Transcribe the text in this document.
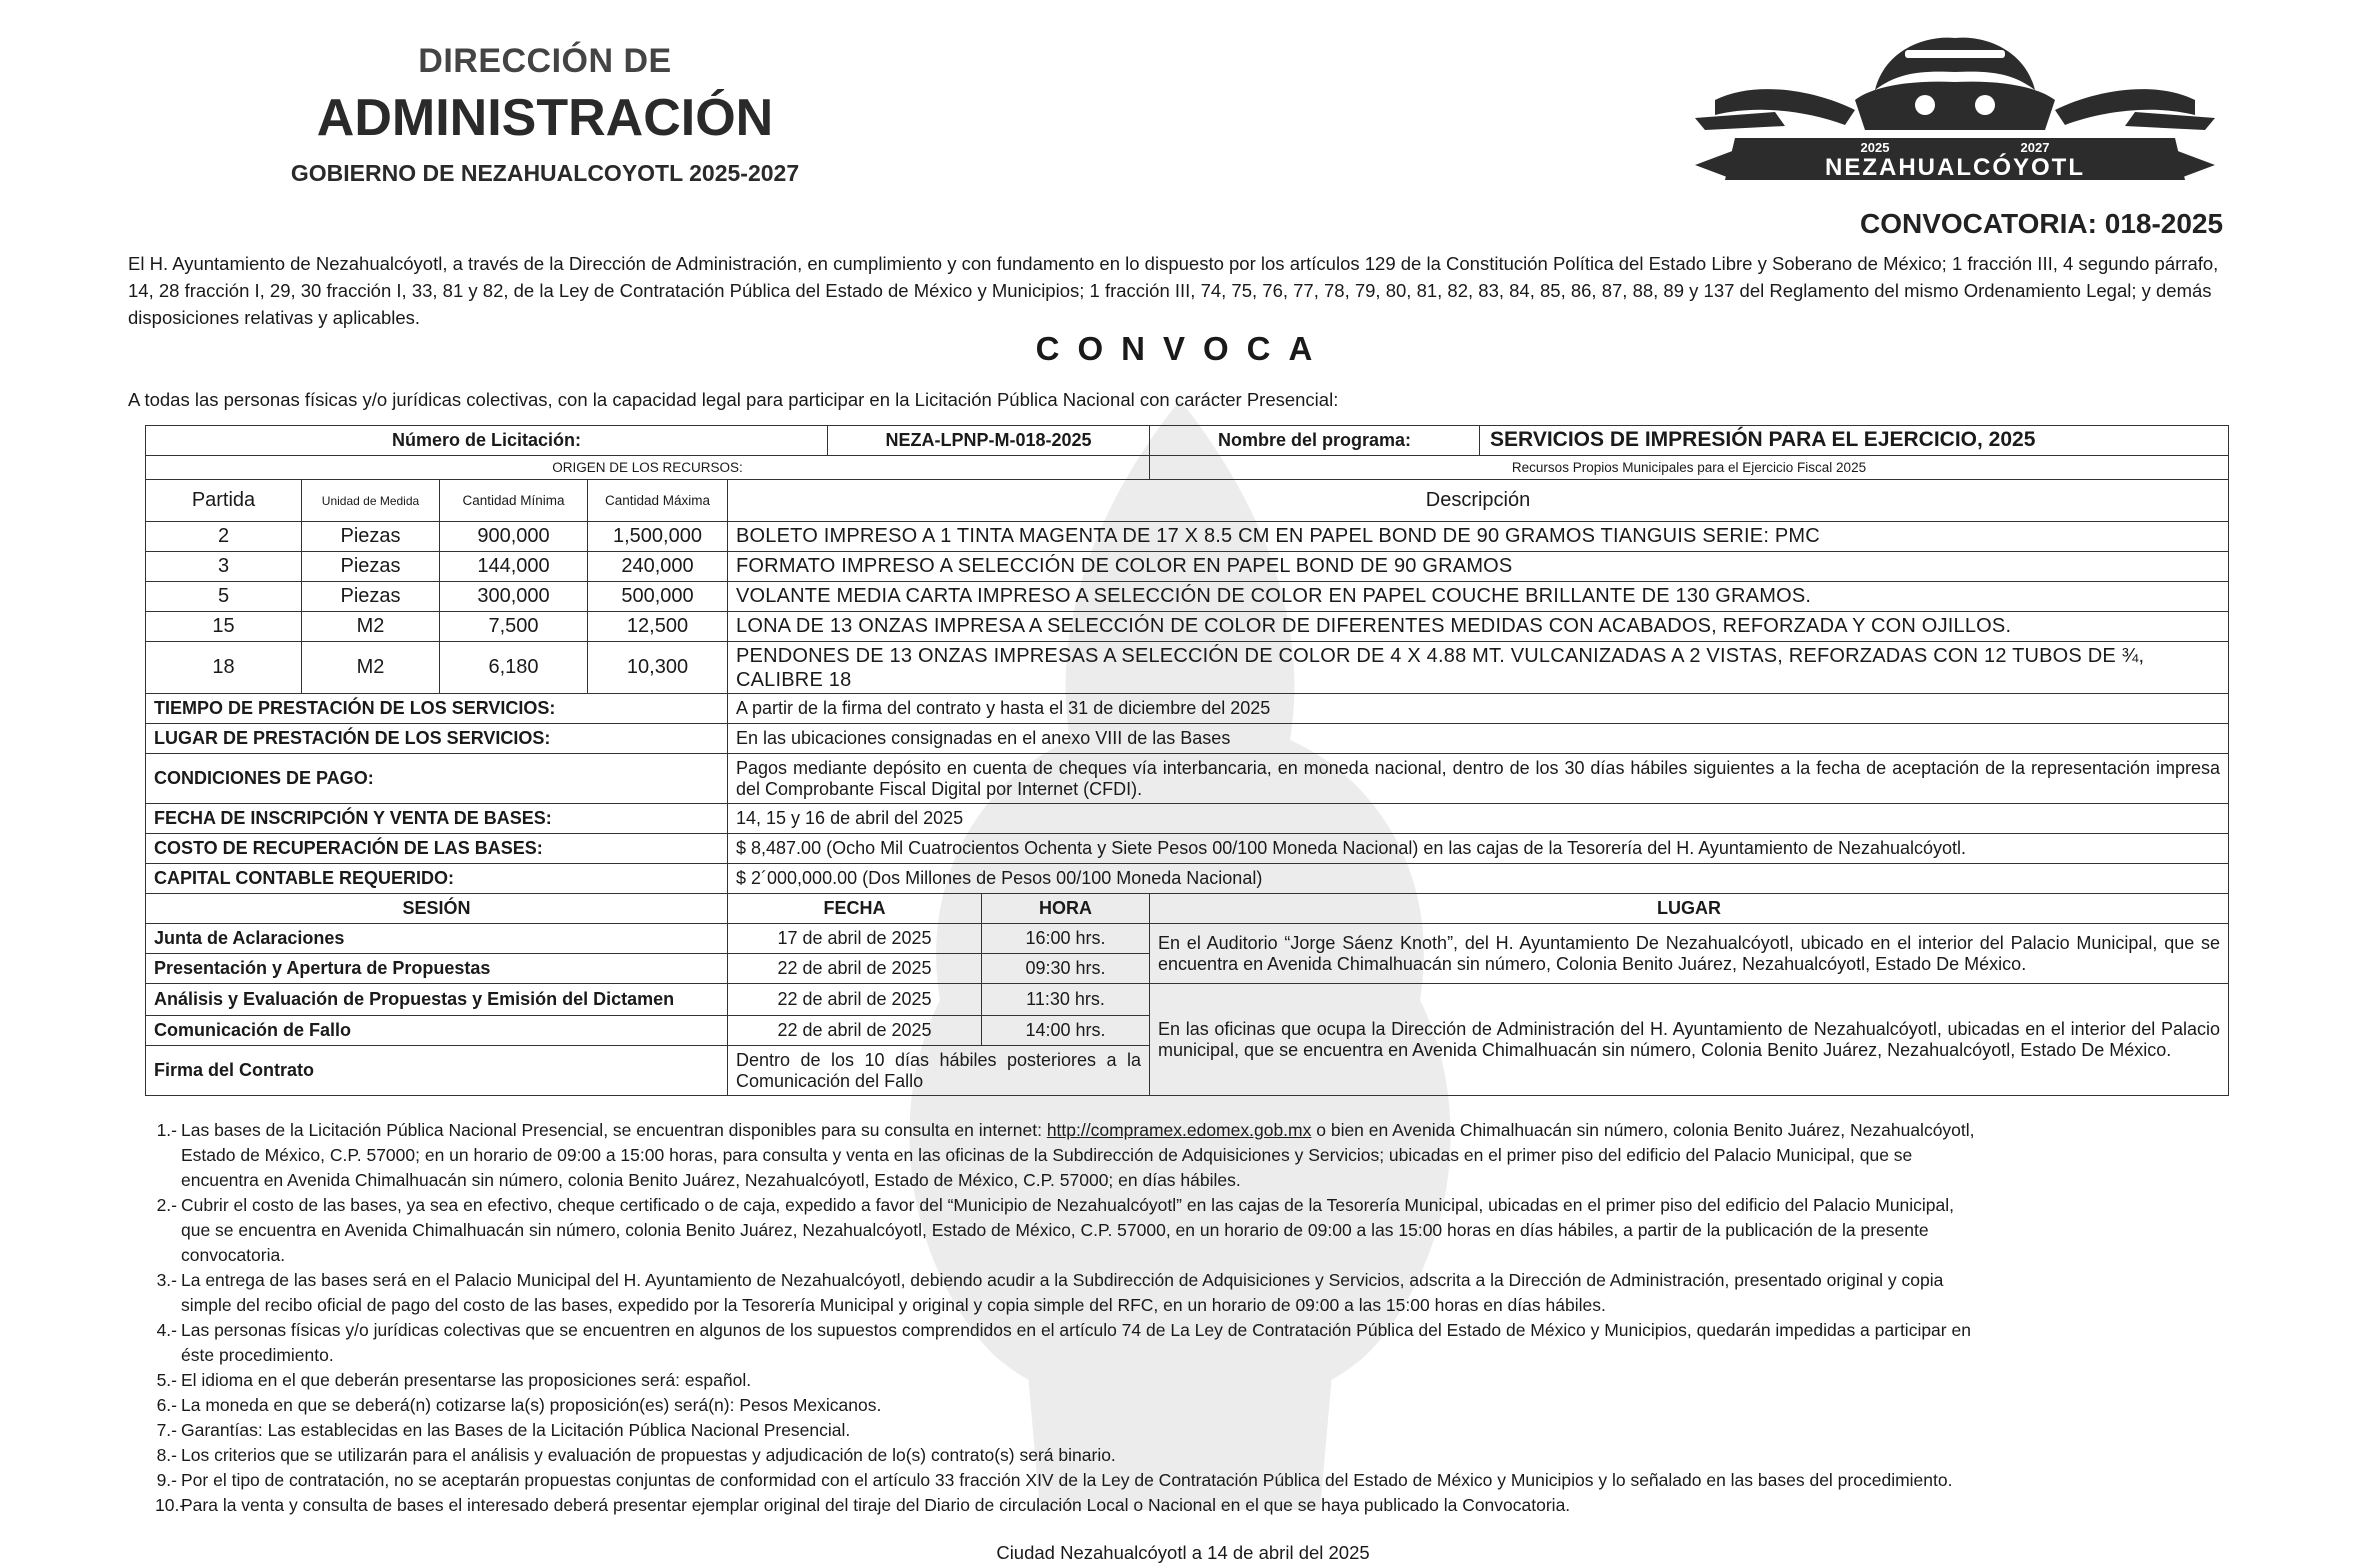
DIRECCIÓN DE
ADMINISTRACIÓN
GOBIERNO DE NEZAHUALCOYOTL 2025-2027
2025	2027
NEZAHUALCÓYOTL
CONVOCATORIA: 018-2025
El H. Ayuntamiento de Nezahualcóyotl, a través de la Dirección de Administración, en cumplimiento y con fundamento en lo dispuesto por los artículos 129 de la Constitución Política del Estado Libre y Soberano de México; 1 fracción III, 4 segundo párrafo, 14, 28 fracción I, 29, 30 fracción I, 33, 81 y 82, de la Ley de Contratación Pública del Estado de México y Municipios; 1 fracción III, 74, 75, 76, 77, 78, 79, 80, 81, 82, 83, 84, 85, 86, 87, 88, 89 y 137 del Reglamento del mismo Ordenamiento Legal; y demás disposiciones relativas y aplicables.
CONVOCA
A todas las personas físicas y/o jurídicas colectivas, con la capacidad legal para participar en la Licitación Pública Nacional con carácter Presencial:
Número de Licitación:					NEZA-LPNP-M-018-2025		Nombre del programa: SERVICIOS DE IMPRESIÓN PARA EL EJERCICIO, 2025

ORIGEN DE LOS RECURSOS:							Recursos Propios Municipales para el Ejercicio Fiscal 2025
Partida	Unidad de Medida	Cantidad Mínima	Cantidad Máxima	Descripción			
2	Piezas	900,000	1,500,000	BOLETO IMPRESO A 1 TINTA MAGENTA DE 17 X 8.5 CM EN PAPEL BOND DE 90 GRAMOS TIANGUIS SERIE: PMC			
3	Piezas	144,000	240,000	FORMATO IMPRESO A SELECCIÓN DE COLOR EN PAPEL BOND DE 90 GRAMOS			
5	Piezas	300,000	500,000	VOLANTE MEDIA CARTA IMPRESO A SELECCIÓN DE COLOR EN PAPEL COUCHE BRILLANTE DE 130 GRAMOS.			
15	M2	7,500	12,500	LONA DE 13 ONZAS IMPRESA A SELECCIÓN DE COLOR DE DIFERENTES MEDIDAS CON ACABADOS, REFORZADA Y CON OJILLOS.			
18	M2	6,180	10,300	PENDONES DE 13 ONZAS IMPRESAS A SELECCIÓN DE COLOR DE 4 X 4.88 MT. VULCANIZADAS A 2 VISTAS, REFORZADAS CON 12 TUBOS DE ¾, CALIBRE 18			
TIEMPO DE PRESTACIÓN DE LOS SERVICIOS:				A partir de la firma del contrato y hasta el 31 de diciembre del 2025			
LUGAR DE PRESTACIÓN DE LOS SERVICIOS:				En las ubicaciones consignadas en el anexo VIII de las Bases			
CONDICIONES DE PAGO:				Pagos mediante depósito en cuenta de cheques vía interbancaria, en moneda nacional, dentro de los 30 días hábiles siguientes a la fecha de aceptación de la representación impresa del Comprobante Fiscal Digital por Internet (CFDI).			
FECHA DE INSCRIPCIÓN Y VENTA DE BASES:				14, 15 y 16 de abril del 2025			
COSTO DE RECUPERACIÓN DE LAS BASES:				$ 8,487.00 (Ocho Mil Cuatrocientos Ochenta y Siete Pesos 00/100 Moneda Nacional) en las cajas de la Tesorería del H. Ayuntamiento de Nezahualcóyotl.			
CAPITAL CONTABLE REQUERIDO:				$ 2´000,000.00 (Dos Millones de Pesos 00/100 Moneda Nacional)			
SESIÓN				FECHA		HORA	LUGAR
Junta de Aclaraciones				17 de abril de 2025		16:00 hrs.	En el Auditorio “Jorge Sáenz Knoth”, del H. Ayuntamiento De Nezahualcóyotl, ubicado en el interior del Palacio Municipal, que se encuentra en Avenida Chimalhuacán sin número, Colonia Benito Juárez, Nezahualcóyotl, Estado De México.
Presentación y Apertura de Propuestas				22 de abril de 2025		09:30 hrs.	
Análisis y Evaluación de Propuestas y Emisión del Dictamen				22 de abril de 2025		11:30 hrs.	En las oficinas que ocupa la Dirección de Administración del H. Ayuntamiento de Nezahualcóyotl, ubicadas en el interior del Palacio municipal, que se encuentra en Avenida Chimalhuacán sin número, Colonia Benito Juárez, Nezahualcóyotl, Estado De México.
Comunicación de Fallo				22 de abril de 2025		14:00 hrs.	
Firma del Contrato				Dentro de los 10 días hábiles posteriores a la Comunicación del Fallo			
1.- Las bases de la Licitación Pública Nacional Presencial, se encuentran disponibles para su consulta en internet: http://compramex.edomex.gob.mx o bien en Avenida Chimalhuacán sin número, colonia Benito Juárez, Nezahualcóyotl, Estado de México, C.P. 57000; en un horario de 09:00 a 15:00 horas, para consulta y venta en las oficinas de la Subdirección de Adquisiciones y Servicios; ubicadas en el primer piso del edificio del Palacio Municipal, que se encuentra en Avenida Chimalhuacán sin número, colonia Benito Juárez, Nezahualcóyotl, Estado de México, C.P. 57000; en días hábiles.
2.- Cubrir el costo de las bases, ya sea en efectivo, cheque certificado o de caja, expedido a favor del “Municipio de Nezahualcóyotl” en las cajas de la Tesorería Municipal, ubicadas en el primer piso del edificio del Palacio Municipal, que se encuentra en Avenida Chimalhuacán sin número, colonia Benito Juárez, Nezahualcóyotl, Estado de México, C.P. 57000, en un horario de 09:00 a las 15:00 horas en días hábiles, a partir de la publicación de la presente convocatoria.
3.- La entrega de las bases será en el Palacio Municipal del H. Ayuntamiento de Nezahualcóyotl, debiendo acudir a la Subdirección de Adquisiciones y Servicios, adscrita a la Dirección de Administración, presentado original y copia simple del recibo oficial de pago del costo de las bases, expedido por la Tesorería Municipal y original y copia simple del RFC, en un horario de 09:00 a las 15:00 horas en días hábiles.
4.- Las personas físicas y/o jurídicas colectivas que se encuentren en algunos de los supuestos comprendidos en el artículo 74 de La Ley de Contratación Pública del Estado de México y Municipios, quedarán impedidas a participar en éste procedimiento.
5.- El idioma en el que deberán presentarse las proposiciones será: español.
6.- La moneda en que se deberá(n) cotizarse la(s) proposición(es) será(n): Pesos Mexicanos.
7.- Garantías: Las establecidas en las Bases de la Licitación Pública Nacional Presencial.
8.- Los criterios que se utilizarán para el análisis y evaluación de propuestas y adjudicación de lo(s) contrato(s) será binario.
9.- Por el tipo de contratación, no se aceptarán propuestas conjuntas de conformidad con el artículo 33 fracción XIV de la Ley de Contratación Pública del Estado de México y Municipios y lo señalado en las bases del procedimiento.
10.-
Para la venta y consulta de bases el interesado deberá presentar ejemplar original del tiraje del Diario de circulación Local o Nacional en el que se haya publicado la Convocatoria.
Ciudad Nezahualcóyotl a 14 de abril del 2025
